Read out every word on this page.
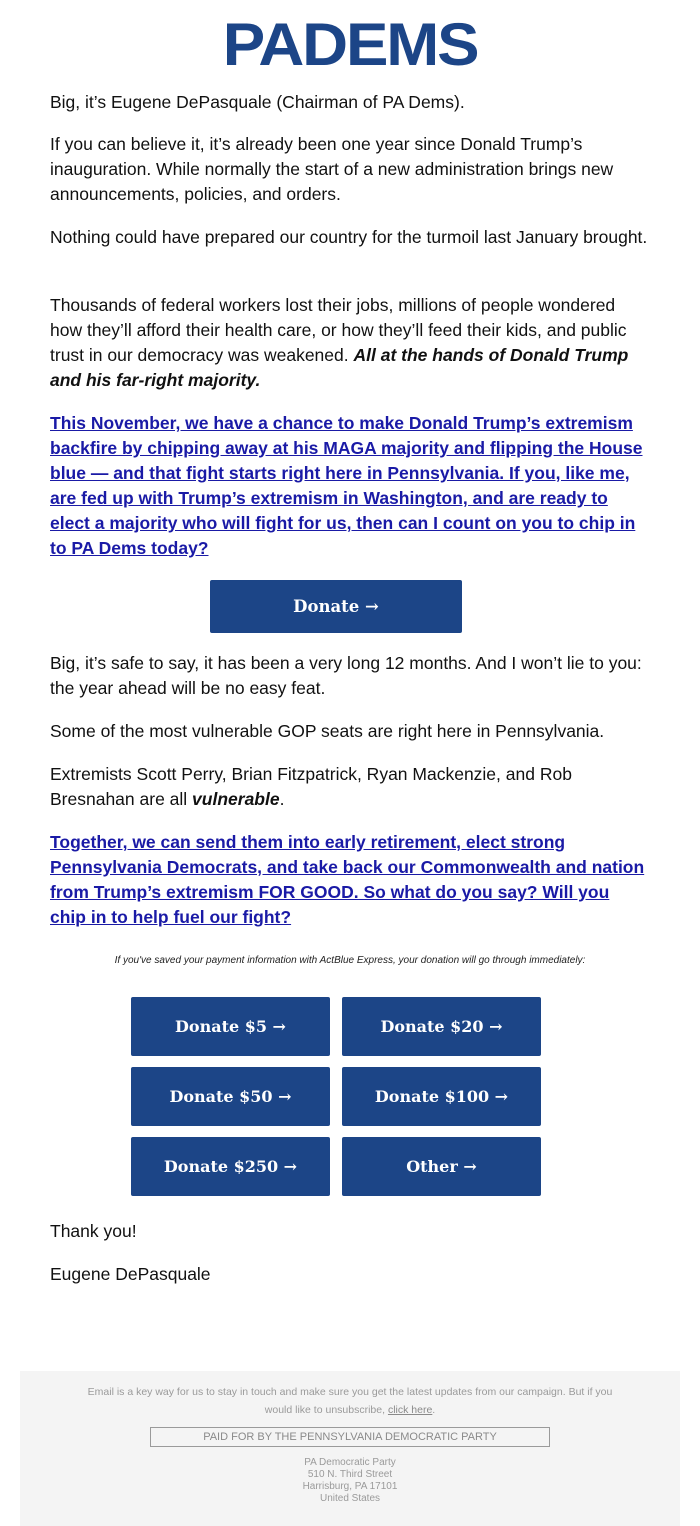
PADEMS

Big, it’s Eugene DePasquale (Chairman of PA Dems).

If you can believe it, it’s already been one year since Donald Trump’s inauguration. While normally the start of a new administration brings new announcements, policies, and orders.

Nothing could have prepared our country for the turmoil last January brought.

Thousands of federal workers lost their jobs, millions of people wondered how they’ll afford their health care, or how they’ll feed their kids, and public trust in our democracy was weakened. All at the hands of Donald Trump and his far-right majority.

This November, we have a chance to make Donald Trump’s extremism backfire by chipping away at his MAGA majority and flipping the House blue — and that fight starts right here in Pennsylvania. If you, like me, are fed up with Trump’s extremism in Washington, and are ready to elect a majority who will fight for us, then can I count on you to chip in to PA Dems today?
Donate →

Big, it’s safe to say, it has been a very long 12 months. And I won’t lie to you: the year ahead will be no easy feat.

Some of the most vulnerable GOP seats are right here in Pennsylvania.

Extremists Scott Perry, Brian Fitzpatrick, Ryan Mackenzie, and Rob Bresnahan are all vulnerable.

Together, we can send them into early retirement, elect strong Pennsylvania Democrats, and take back our Commonwealth and nation from Trump’s extremism FOR GOOD. So what do you say? Will you chip in to help fuel our fight?
If you've saved your payment information with ActBlue Express, your donation will go through immediately:
Donate $5 →	Donate $20 →
Donate $50 →	Donate $100 →
Donate $250 →	Other →

Thank you!

Eugene DePasquale

Email is a key way for us to stay in touch and make sure you get the latest updates from our campaign. But if you would like to unsubscribe, click here.
PAID FOR BY THE PENNSYLVANIA DEMOCRATIC PARTY
PA Democratic Party
510 N. Third Street
Harrisburg, PA 17101
United States
